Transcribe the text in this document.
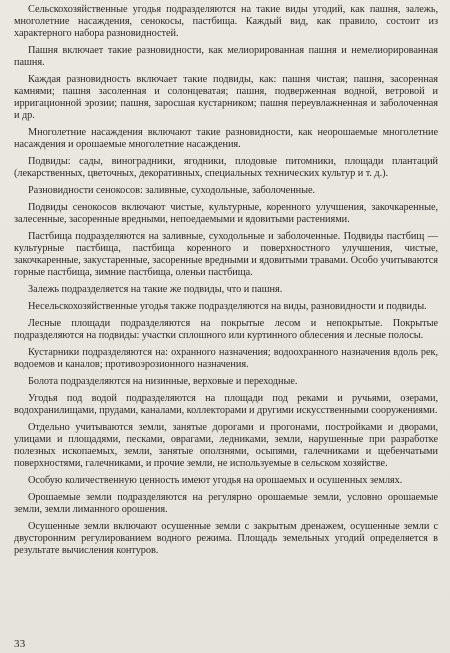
Сельскохозяйственные угодья подразделяются на такие виды угодий, как пашня, залежь, многолетние насаждения, сенокосы, пастбища. Каждый вид, как правило, состоит из характерного набора разновидностей.

Пашня включает такие разновидности, как мелиорированная пашня и немелиорированная пашня.

Каждая разновидность включает такие подвиды, как: пашня чистая; пашня, засоренная камнями; пашня засоленная и солонцеватая; пашня, подверженная водной, ветровой и ирригационной эрозии; пашня, заросшая кустарником; пашня переувлажненная и заболоченная и др.

Многолетние насаждения включают такие разновидности, как неорошаемые многолетние насаждения и орошаемые многолетние насаждения.

Подвиды: сады, виноградники, ягодники, плодовые питомники, площади плантаций (лекарственных, цветочных, декоративных, специальных технических культур и т. д.).

Разновидности сенокосов: заливные, суходольные, заболоченные.

Подвиды сенокосов включают чистые, культурные, коренного улучшения, закочкаренные, залесенные, засоренные вредными, непоедаемыми и ядовитыми растениями.

Пастбища подразделяются на заливные, суходольные и заболоченные. Подвиды пастбищ — культурные пастбища, пастбища коренного и поверхностного улучшения, чистые, закочкаренные, закустаренные, засоренные вредными и ядовитыми травами. Особо учитываются горные пастбища, зимние пастбища, оленьи пастбища.

Залежь подразделяется на такие же подвиды, что и пашня.

Несельскохозяйственные угодья также подразделяются на виды, разновидности и подвиды.

Лесные площади подразделяются на покрытые лесом и непокрытые. Покрытые подразделяются на подвиды: участки сплошного или куртинного облесения и лесные полосы.

Кустарники подразделяются на: охранного назначения; водоохранного назначения вдоль рек, водоемов и каналов; противоэрозионного назначения.

Болота подразделяются на низинные, верховые и переходные.

Угодья под водой подразделяются на площади под реками и ручьями, озерами, водохранилищами, прудами, каналами, коллекторами и другими искусственными сооружениями.

Отдельно учитываются земли, занятые дорогами и прогонами, постройками и дворами, улицами и площадями, песками, оврагами, ледниками, земли, нарушенные при разработке полезных ископаемых, земли, занятые оползнями, осыпями, галечниками и щебенчатыми поверхностями, галечниками, и прочие земли, не используемые в сельском хозяйстве.

Особую количественную ценность имеют угодья на орошаемых и осушенных землях.

Орошаемые земли подразделяются на регулярно орошаемые земли, условно орошаемые земли, земли лиманного орошения.

Осушенные земли включают осушенные земли с закрытым дренажем, осушенные земли с двусторонним регулированием водного режима. Площадь земельных угодий определяется в результате вычисления контуров.

33
